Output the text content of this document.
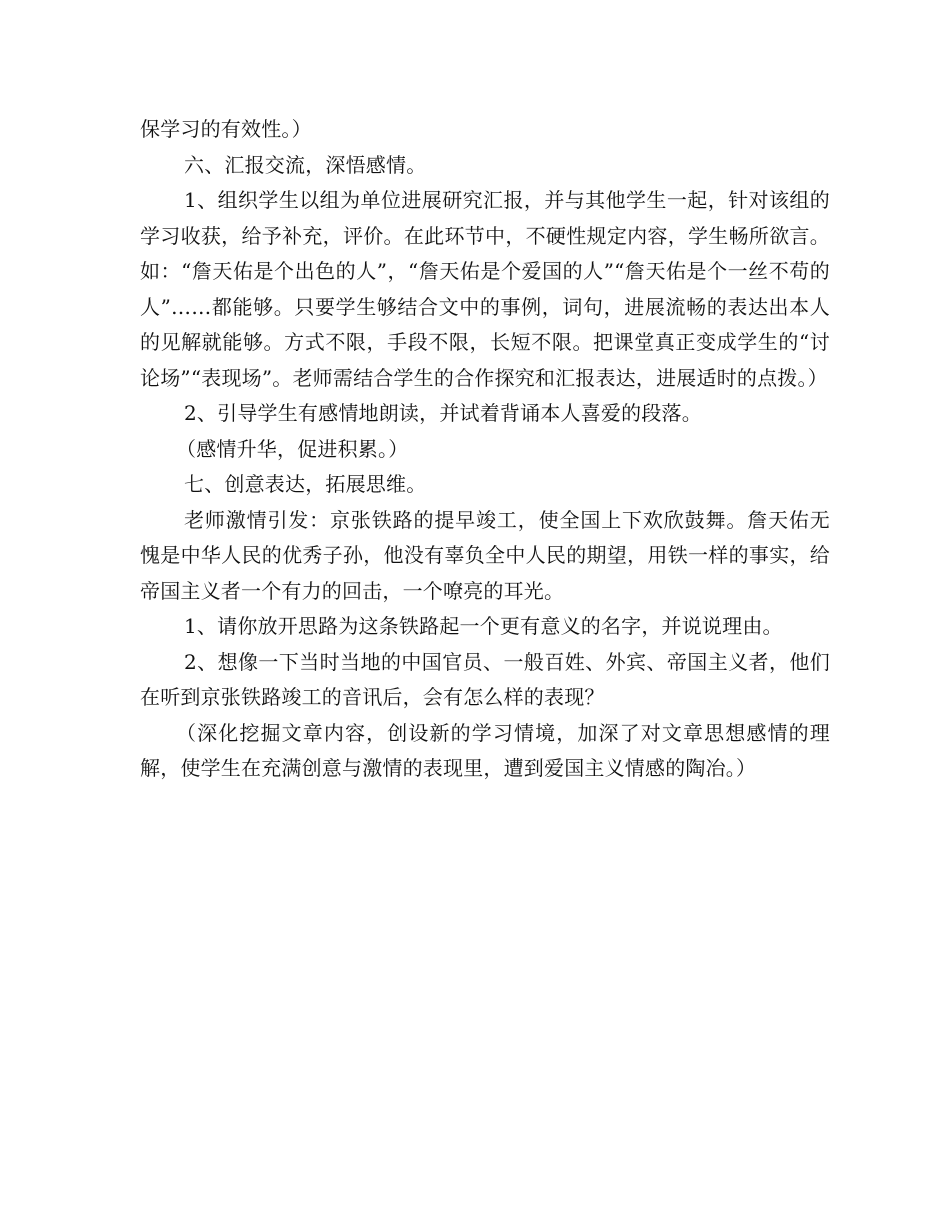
保学习的有效性。）

六、汇报交流，深悟感情。

1、组织学生以组为单位进展研究汇报，并与其他学生一起，针对该组的学习收获，给予补充，评价。在此环节中，不硬性规定内容，学生畅所欲言。如：“詹天佑是个出色的人”，“詹天佑是个爱国的人”“詹天佑是个一丝不苟的人”……都能够。只要学生够结合文中的事例，词句，进展流畅的表达出本人的见解就能够。方式不限，手段不限，长短不限。把课堂真正变成学生的“讨论场”“表现场”。老师需结合学生的合作探究和汇报表达，进展适时的点拨。）

2、引导学生有感情地朗读，并试着背诵本人喜爱的段落。

（感情升华，促进积累。）

七、创意表达，拓展思维。

老师激情引发：京张铁路的提早竣工，使全国上下欢欣鼓舞。詹天佑无愧是中华人民的优秀子孙，他没有辜负全中人民的期望，用铁一样的事实，给帝国主义者一个有力的回击，一个嘹亮的耳光。

1、请你放开思路为这条铁路起一个更有意义的名字，并说说理由。

2、想像一下当时当地的中国官员、一般百姓、外宾、帝国主义者，他们在听到京张铁路竣工的音讯后，会有怎么样的表现？

（深化挖掘文章内容，创设新的学习情境，加深了对文章思想感情的理解，使学生在充满创意与激情的表现里，遭到爱国主义情感的陶冶。）
